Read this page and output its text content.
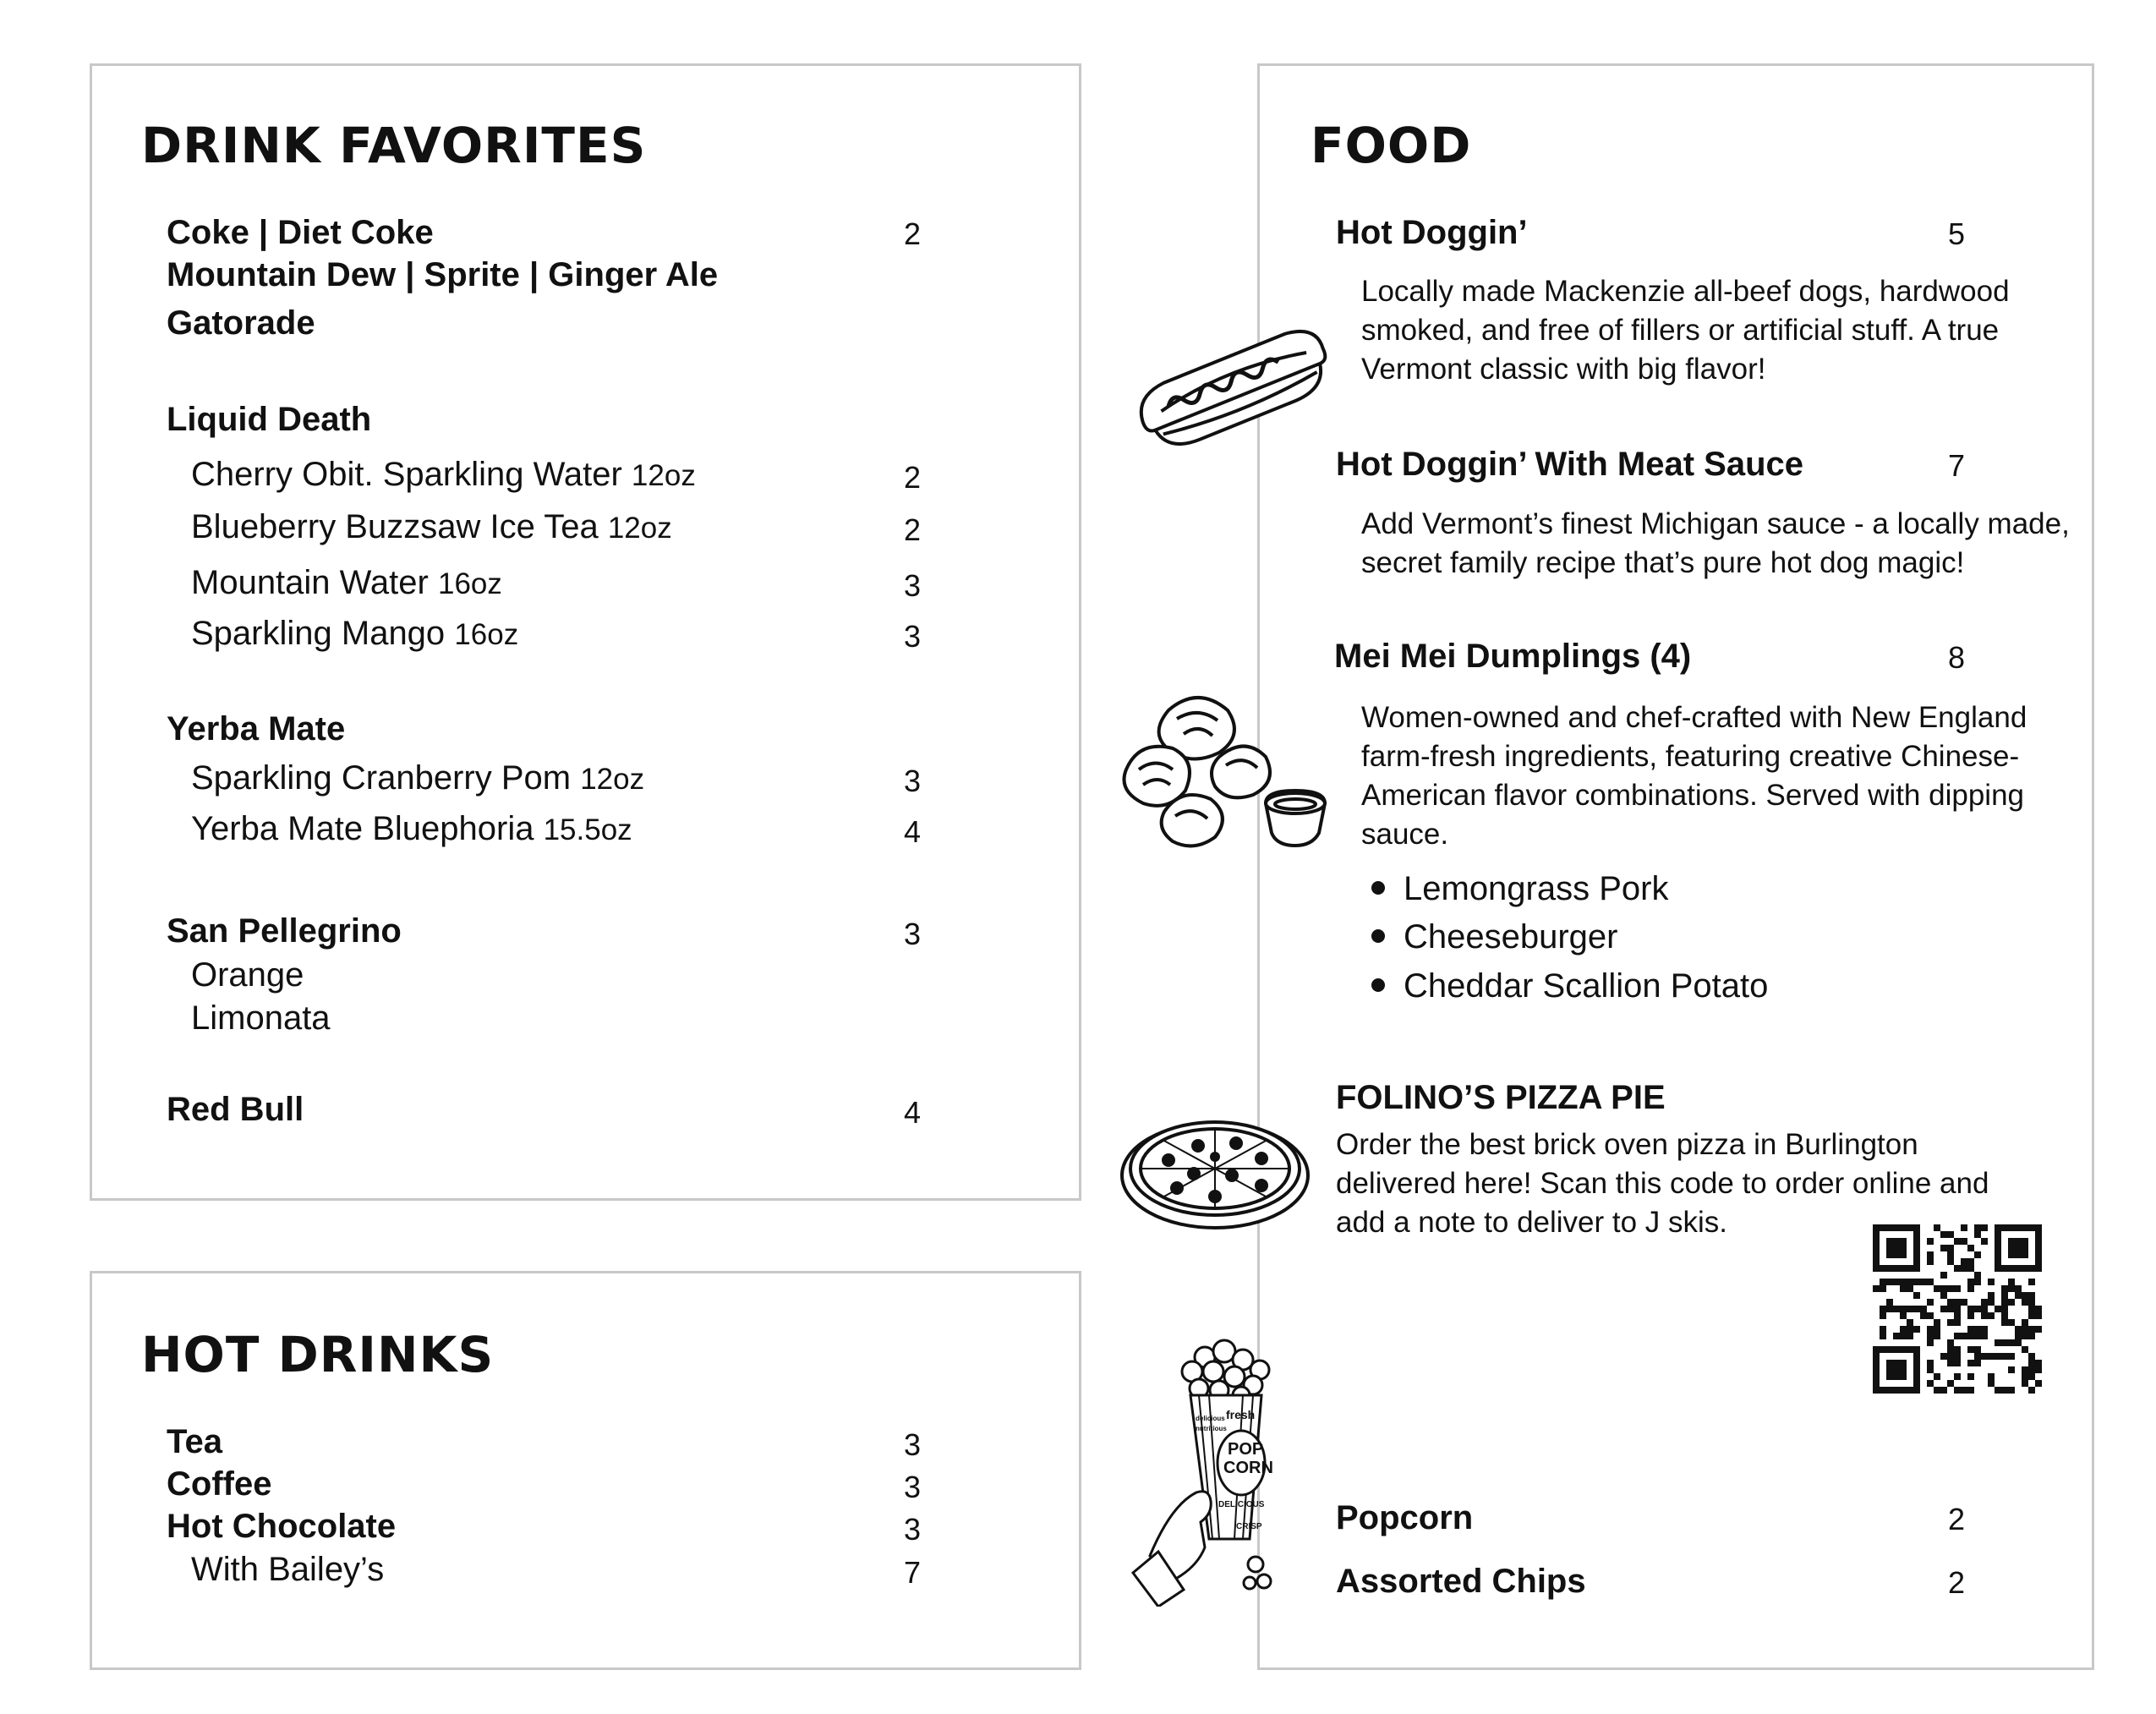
DRINK FAVORITES
Coke | Diet Coke	2
Mountain Dew | Sprite | Ginger Ale
Gatorade
Liquid Death
Cherry Obit. Sparkling Water 12oz	2
Blueberry Buzzsaw Ice Tea 12oz	2
Mountain Water 16oz	3
Sparkling Mango 16oz	3
Yerba Mate
Sparkling Cranberry Pom 12oz	3
Yerba Mate Bluephoria 15.5oz	4
San Pellegrino	3
Orange
Limonata
Red Bull	4
HOT DRINKS
Tea	3
Coffee	3
Hot Chocolate	3
With Bailey’s	7
FOOD
Hot Doggin’	5
Locally made Mackenzie all-beef dogs, hardwood smoked, and free of fillers or artificial stuff. A true Vermont classic with big flavor!
Hot Doggin’ With Meat Sauce	7
Add Vermont’s finest Michigan sauce - a locally made, secret family recipe that’s pure hot dog magic!
Mei Mei Dumplings (4)	8
Women-owned and chef-crafted with New England farm-fresh ingredients, featuring creative Chinese-American flavor combinations. Served with dipping sauce.
Lemongrass Pork
Cheeseburger
Cheddar Scallion Potato
FOLINO’S PIZZA PIE
Order the best brick oven pizza in Burlington delivered here! Scan this code to order online and add a note to deliver to J skis.
fresh
POP
CORN
DELICIOUS
CRISP
delicious
nutritious
Popcorn	2
Assorted Chips	2
